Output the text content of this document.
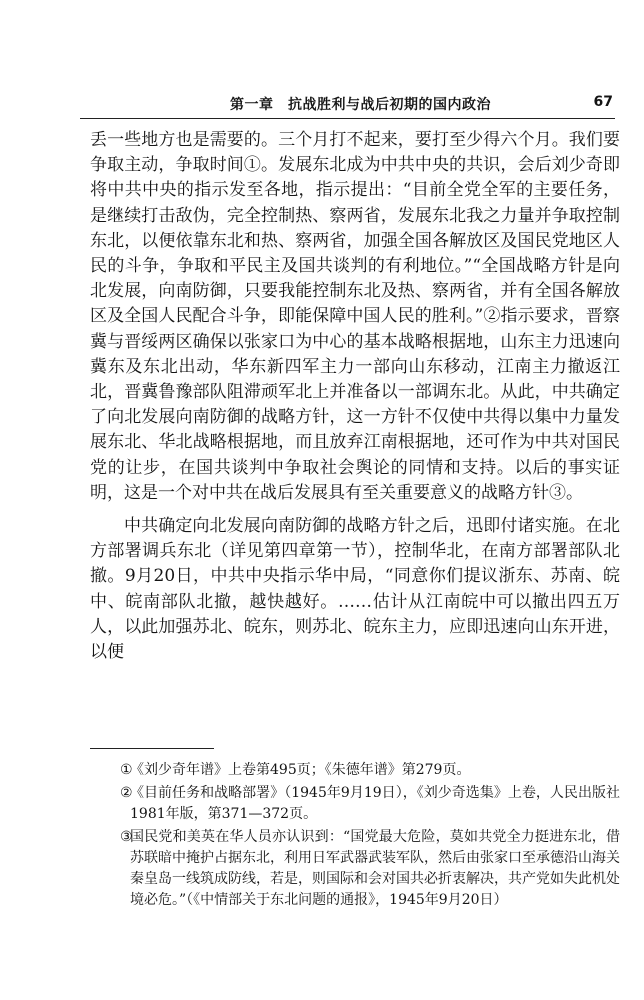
第一章　抗战胜利与战后初期的国内政治	67

丢一些地方也是需要的。三个月打不起来，要打至少得六个月。我们要争取主动，争取时间①。发展东北成为中共中央的共识，会后刘少奇即将中共中央的指示发至各地，指示提出：“目前全党全军的主要任务，是继续打击敌伪，完全控制热、察两省，发展东北我之力量并争取控制东北，以便依靠东北和热、察两省，加强全国各解放区及国民党地区人民的斗争，争取和平民主及国共谈判的有利地位。”“全国战略方针是向北发展，向南防御，只要我能控制东北及热、察两省，并有全国各解放区及全国人民配合斗争，即能保障中国人民的胜利。”②指示要求，晋察冀与晋绥两区确保以张家口为中心的基本战略根据地，山东主力迅速向冀东及东北出动，华东新四军主力一部向山东移动，江南主力撤返江北，晋冀鲁豫部队阻滞顽军北上并准备以一部调东北。从此，中共确定了向北发展向南防御的战略方针，这一方针不仅使中共得以集中力量发展东北、华北战略根据地，而且放弃江南根据地，还可作为中共对国民党的让步，在国共谈判中争取社会舆论的同情和支持。以后的事实证明，这是一个对中共在战后发展具有至关重要意义的战略方针③。

中共确定向北发展向南防御的战略方针之后，迅即付诸实施。在北方部署调兵东北（详见第四章第一节），控制华北，在南方部署部队北撤。9月20日，中共中央指示华中局，“同意你们提议浙东、苏南、皖中、皖南部队北撤，越快越好。……估计从江南皖中可以撤出四五万人，以此加强苏北、皖东，则苏北、皖东主力，应即迅速向山东开进，以便

①
《刘少奇年谱》上卷第495页；《朱德年谱》第279页。

②
《目前任务和战略部署》（1945年9月19日），《刘少奇选集》上卷，人民出版社1981年版，第371—372页。

③
国民党和美英在华人员亦认识到：“国党最大危险，莫如共党全力挺进东北，借苏联暗中掩护占据东北，利用日军武器武装军队，然后由张家口至承德沿山海关秦皇岛一线筑成防线，若是，则国际和会对国共必折衷解决，共产党如失此机处境必危。”（《中情部关于东北问题的通报》，1945年9月20日）
